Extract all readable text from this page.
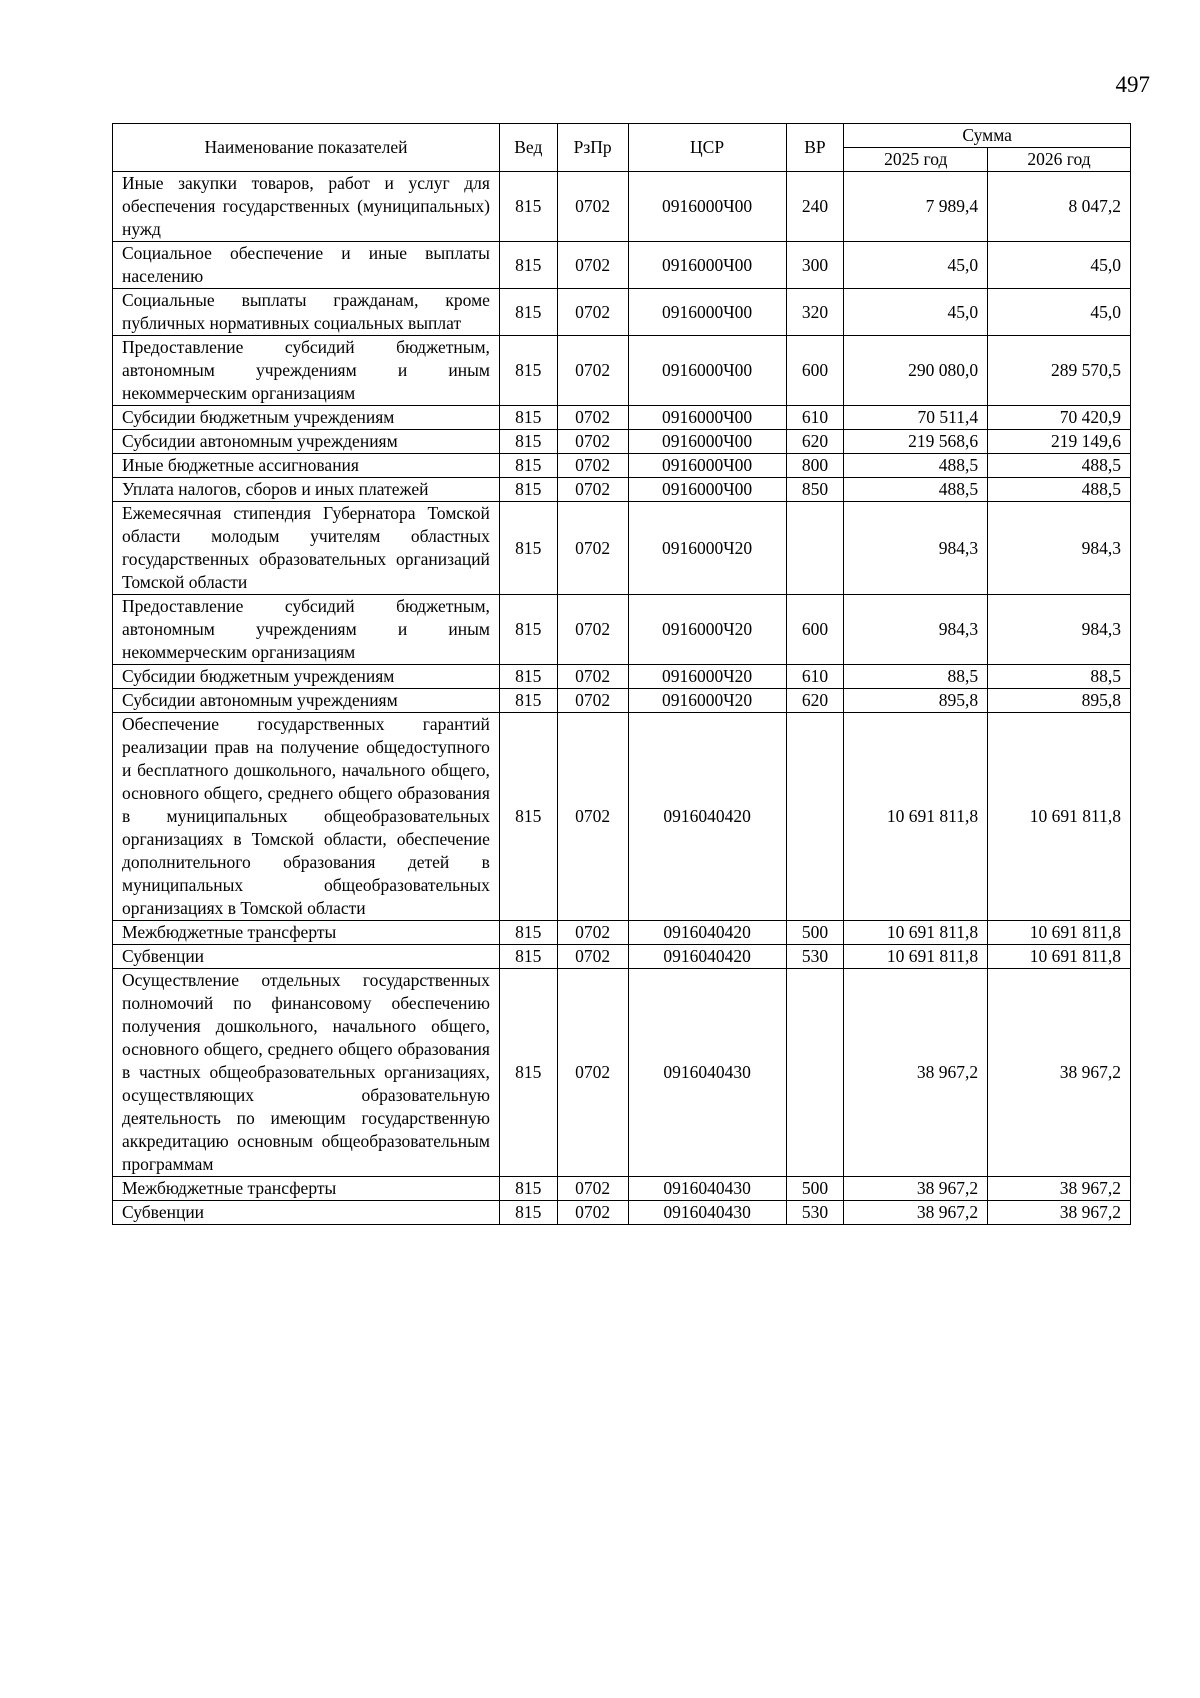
497
Наименование показателей	Вед	РзПр	ЦСР	ВР	Сумма	
					2025 год	2026 год
Иные закупки товаров, работ и услуг для обеспечения государственных (муниципальных) нужд	815	0702	0916000Ч00	240	7 989,4	8 047,2
Социальное обеспечение и иные выплаты населению	815	0702	0916000Ч00	300	45,0	45,0
Социальные выплаты гражданам, кроме публичных нормативных социальных выплат	815	0702	0916000Ч00	320	45,0	45,0
Предоставление субсидий бюджетным, автономным учреждениям и иным некоммерческим организациям	815	0702	0916000Ч00	600	290 080,0	289 570,5
Субсидии бюджетным учреждениям	815	0702	0916000Ч00	610	70 511,4	70 420,9
Субсидии автономным учреждениям	815	0702	0916000Ч00	620	219 568,6	219 149,6
Иные бюджетные ассигнования	815	0702	0916000Ч00	800	488,5	488,5
Уплата налогов, сборов и иных платежей	815	0702	0916000Ч00	850	488,5	488,5
Ежемесячная стипендия Губернатора Томской области молодым учителям областных государственных образовательных организаций Томской области	815	0702	0916000Ч20		984,3	984,3
Предоставление субсидий бюджетным, автономным учреждениям и иным некоммерческим организациям	815	0702	0916000Ч20	600	984,3	984,3
Субсидии бюджетным учреждениям	815	0702	0916000Ч20	610	88,5	88,5
Субсидии автономным учреждениям	815	0702	0916000Ч20	620	895,8	895,8
Обеспечение государственных гарантий реализации прав на получение общедоступного и бесплатного дошкольного, начального общего, основного общего, среднего общего образования в муниципальных общеобразовательных организациях в Томской области, обеспечение дополнительного образования детей в муниципальных общеобразовательных организациях в Томской области	815	0702	0916040420		10 691 811,8	10 691 811,8
Межбюджетные трансферты	815	0702	0916040420	500	10 691 811,8	10 691 811,8
Субвенции	815	0702	0916040420	530	10 691 811,8	10 691 811,8
Осуществление отдельных государственных полномочий по финансовому обеспечению получения дошкольного, начального общего, основного общего, среднего общего образования в частных общеобразовательных организациях, осуществляющих образовательную деятельность по имеющим государственную аккредитацию основным общеобразовательным программам	815	0702	0916040430		38 967,2	38 967,2
Межбюджетные трансферты	815	0702	0916040430	500	38 967,2	38 967,2
Субвенции	815	0702	0916040430	530	38 967,2	38 967,2
